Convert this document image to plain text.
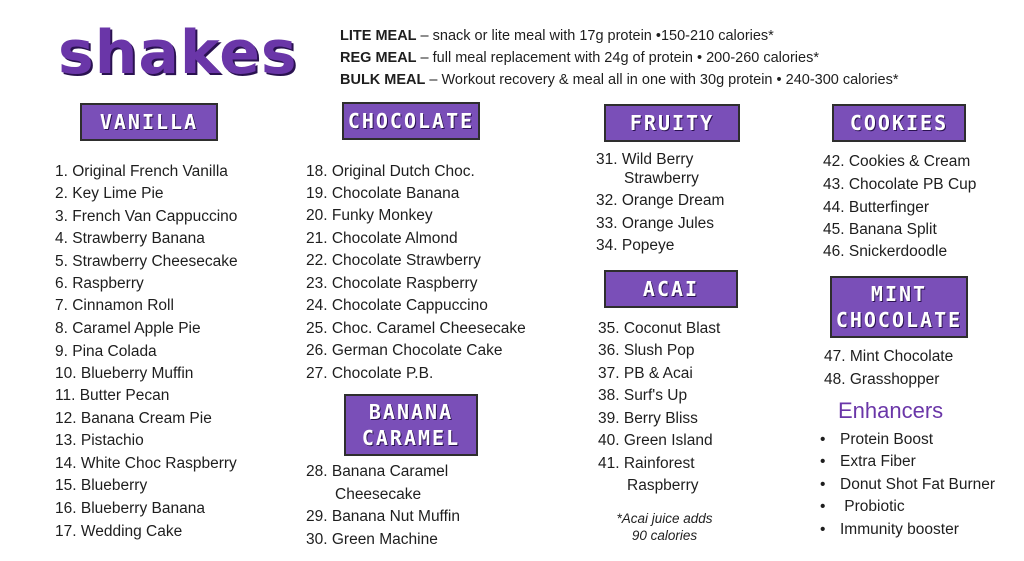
shakes	LITE MEAL – snack or lite meal with 17g protein •150-210 calories*
REG MEAL – full meal replacement with 24g of protein • 200-260 calories*
BULK MEAL – Workout recovery & meal all in one with 30g protein • 240-300 calories*
VANILLA	CHOCOLATE
BANANA
CARAMEL
FRUITY
ACAI
COOKIES
MINT
CHOCOLATE
1. Original French Vanilla
2. Key Lime Pie
3. French Van Cappuccino
4. Strawberry Banana
5. Strawberry Cheesecake
6. Raspberry
7. Cinnamon Roll
8. Caramel Apple Pie
9. Pina Colada
10. Blueberry Muffin
11. Butter Pecan
12. Banana Cream Pie
13. Pistachio
14. White Choc Raspberry
15. Blueberry
16. Blueberry Banana
17. Wedding Cake
18. Original Dutch Choc.
19. Chocolate Banana
20. Funky Monkey
21. Chocolate Almond
22. Chocolate Strawberry
23. Chocolate Raspberry
24. Chocolate Cappuccino
25. Choc. Caramel Cheesecake
26. German Chocolate Cake
27. Chocolate P.B.
28. Banana Caramel
Cheesecake
29. Banana Nut Muffin
30. Green Machine
31. Wild Berry
Strawberry
32. Orange Dream
33. Orange Jules
34. Popeye
35. Coconut Blast
36. Slush Pop
37. PB & Acai
38. Surf's Up
39. Berry Bliss
40. Green Island
41. Rainforest
Raspberry
*Acai juice adds
90 calories
42. Cookies & Cream
43. Chocolate PB Cup
44. Butterfinger
45. Banana Split
46. Snickerdoodle
47. Mint Chocolate
48. Grasshopper
Enhancers
• Protein Boost
• Extra Fiber
• Donut Shot Fat Burner
• Probiotic
• Immunity booster
